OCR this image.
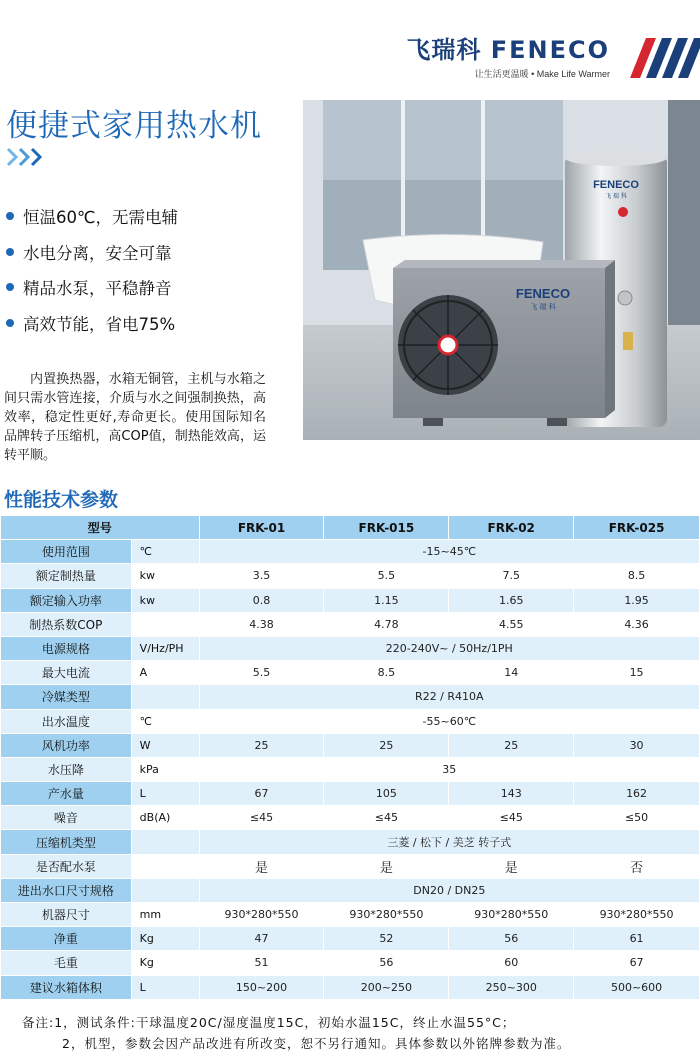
飞瑞科 FENECO
让生活更温暖 • Make Life Warmer
便捷式家用热水机
恒温60℃，无需电辅
水电分离，安全可靠
精品水泵，平稳静音
高效节能，省电75%

内置换热器，水箱无铜管，主机与水箱之间只需水管连接，介质与水之间强制换热，高效率，稳定性更好,寿命更长。使用国际知名品牌转子压缩机，高COP值，制热能效高，运转平顺。

FENECO
飞 瑞 科
FENECO
飞 瑞 科
性能技术参数
型号		FRK-01	FRK-015	FRK-02	FRK-025
使用范围	℃	-15~45℃			
额定制热量	kw	3.5	5.5	7.5	8.5
额定输入功率	kw	0.8	1.15	1.65	1.95
制热系数COP		4.38	4.78	4.55	4.36
电源规格	V/Hz/PH	220-240V~ / 50Hz/1PH			
最大电流	A	5.5	8.5	14	15
冷媒类型		R22 / R410A			
出水温度	℃	-55~60℃			
风机功率	W	25	25	25	30
水压降	kPa	35			
产水量	L	67	105	143	162
噪音	dB(A)	≤45	≤45	≤45	≤50
压缩机类型		三菱 / 松下 / 美芝 转子式			
是否配水泵		是	是	是	否
进出水口尺寸规格		DN20 / DN25			
机器尺寸	mm	930*280*550	930*280*550	930*280*550	930*280*550
净重	Kg	47	52	56	61
毛重	Kg	51	56	60	67
建议水箱体积	L	150~200	200~250	250~300	500~600
备注:1，测试条件:干球温度20C/湿度温度15C，初始水温15C，终止水温55°C；
2，机型，参数会因产品改进有所改变，恕不另行通知。具体参数以外铭牌参数为准。
